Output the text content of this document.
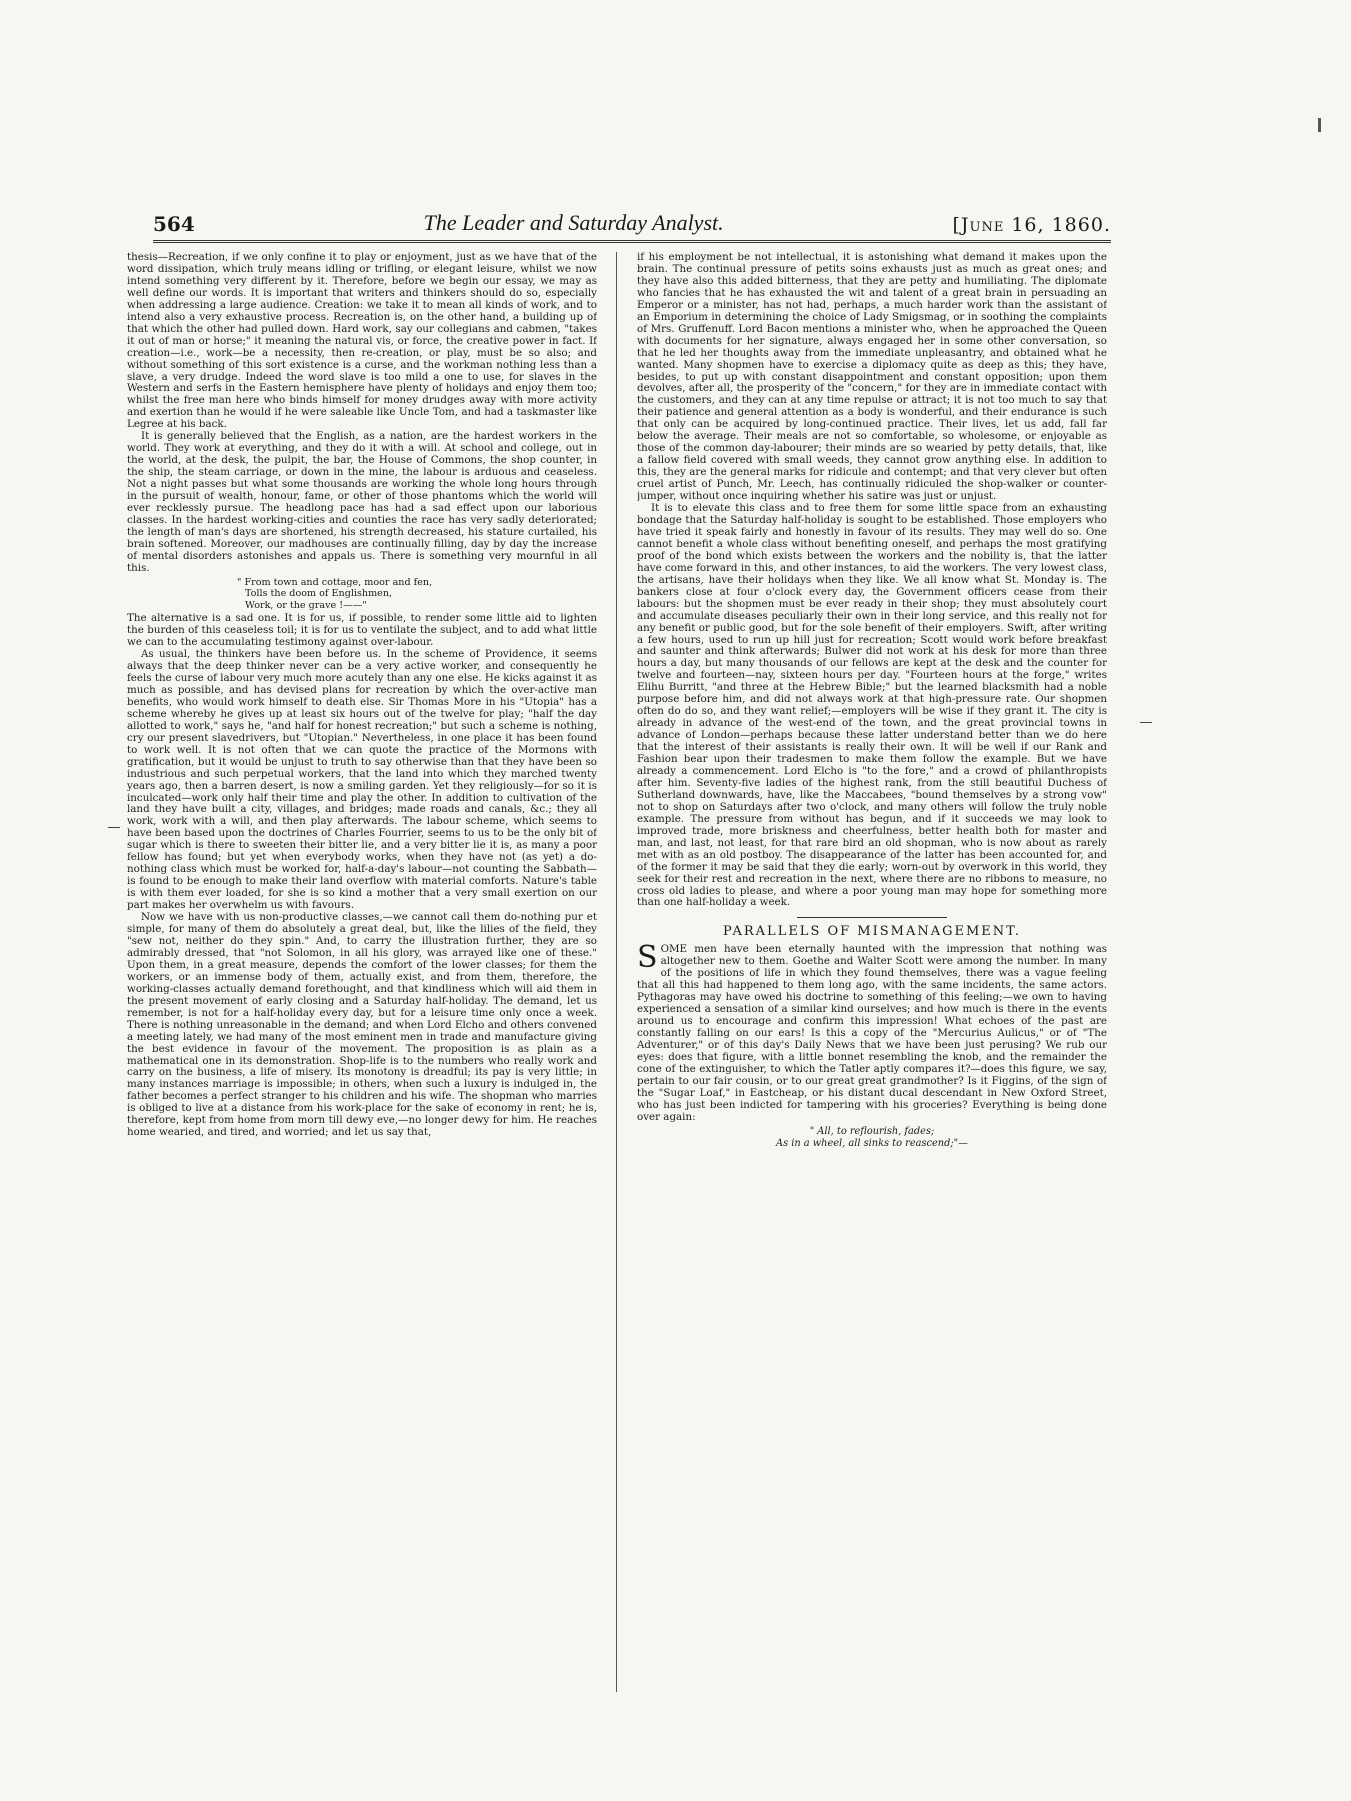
564	The Leader and Saturday Analyst.	[June 16, 1860.

thesis—Recreation, if we only confine it to play or enjoyment, just as we have that of the word dissipation, which truly means idling or trifling, or elegant leisure, whilst we now intend something very different by it. Therefore, before we begin our essay, we may as well define our words. It is important that writers and thinkers should do so, especially when addressing a large audience. Creation: we take it to mean all kinds of work, and to intend also a very exhaustive process. Recreation is, on the other hand, a building up of that which the other had pulled down. Hard work, say our collegians and cabmen, "takes it out of man or horse;" it meaning the natural vis, or force, the creative power in fact. If creation—i.e., work—be a necessity, then re-creation, or play, must be so also; and without something of this sort existence is a curse, and the workman nothing less than a slave, a very drudge. Indeed the word slave is too mild a one to use, for slaves in the Western and serfs in the Eastern hemisphere have plenty of holidays and enjoy them too; whilst the free man here who binds himself for money drudges away with more activity and exertion than he would if he were saleable like Uncle Tom, and had a taskmaster like Legree at his back.

It is generally believed that the English, as a nation, are the hardest workers in the world. They work at everything, and they do it with a will. At school and college, out in the world, at the desk, the pulpit, the bar, the House of Commons, the shop counter, in the ship, the steam carriage, or down in the mine, the labour is arduous and ceaseless. Not a night passes but what some thousands are working the whole long hours through in the pursuit of wealth, honour, fame, or other of those phantoms which the world will ever recklessly pursue. The headlong pace has had a sad effect upon our laborious classes. In the hardest working-cities and counties the race has very sadly deteriorated; the length of man's days are shortened, his strength decreased, his stature curtailed, his brain softened. Moreover, our madhouses are continually filling, day by day the increase of mental disorders astonishes and appals us. There is something very mournful in all this.

" From town and cottage, moor and fen,
Tolls the doom of Englishmen,
Work, or the grave !——"

The alternative is a sad one. It is for us, if possible, to render some little aid to lighten the burden of this ceaseless toil; it is for us to ventilate the subject, and to add what little we can to the accumulating testimony against over-labour.

As usual, the thinkers have been before us. In the scheme of Providence, it seems always that the deep thinker never can be a very active worker, and consequently he feels the curse of labour very much more acutely than any one else. He kicks against it as much as possible, and has devised plans for recreation by which the over-active man benefits, who would work himself to death else. Sir Thomas More in his "Utopia" has a scheme whereby he gives up at least six hours out of the twelve for play; "half the day allotted to work," says he, "and half for honest recreation;" but such a scheme is nothing, cry our present slavedrivers, but "Utopian." Nevertheless, in one place it has been found to work well. It is not often that we can quote the practice of the Mormons with gratification, but it would be unjust to truth to say otherwise than that they have been so industrious and such perpetual workers, that the land into which they marched twenty years ago, then a barren desert, is now a smiling garden. Yet they religiously—for so it is inculcated—work only half their time and play the other. In addition to cultivation of the land they have built a city, villages, and bridges; made roads and canals, &c.; they all work, work with a will, and then play afterwards. The labour scheme, which seems to have been based upon the doctrines of Charles Fourrier, seems to us to be the only bit of sugar which is there to sweeten their bitter lie, and a very bitter lie it is, as many a poor fellow has found; but yet when everybody works, when they have not (as yet) a do-nothing class which must be worked for, half-a-day's labour—not counting the Sabbath—is found to be enough to make their land overflow with material comforts. Nature's table is with them ever loaded, for she is so kind a mother that a very small exertion on our part makes her overwhelm us with favours.

Now we have with us non-productive classes,—we cannot call them do-nothing pur et simple, for many of them do absolutely a great deal, but, like the lilies of the field, they "sew not, neither do they spin." And, to carry the illustration further, they are so admirably dressed, that "not Solomon, in all his glory, was arrayed like one of these." Upon them, in a great measure, depends the comfort of the lower classes; for them the workers, or an immense body of them, actually exist, and from them, therefore, the working-classes actually demand forethought, and that kindliness which will aid them in the present movement of early closing and a Saturday half-holiday. The demand, let us remember, is not for a half-holiday every day, but for a leisure time only once a week. There is nothing unreasonable in the demand; and when Lord Elcho and others convened a meeting lately, we had many of the most eminent men in trade and manufacture giving the best evidence in favour of the movement. The proposition is as plain as a mathematical one in its demonstration. Shop-life is to the numbers who really work and carry on the business, a life of misery. Its monotony is dreadful; its pay is very little; in many instances marriage is impossible; in others, when such a luxury is indulged in, the father becomes a perfect stranger to his children and his wife. The shopman who marries is obliged to live at a distance from his work-place for the sake of economy in rent; he is, therefore, kept from home from morn till dewy eve,—no longer dewy for him. He reaches home wearied, and tired, and worried; and let us say that,

if his employment be not intellectual, it is astonishing what demand it makes upon the brain. The continual pressure of petits soins exhausts just as much as great ones; and they have also this added bitterness, that they are petty and humiliating. The diplomate who fancies that he has exhausted the wit and talent of a great brain in persuading an Emperor or a minister, has not had, perhaps, a much harder work than the assistant of an Emporium in determining the choice of Lady Smigsmag, or in soothing the complaints of Mrs. Gruffenuff. Lord Bacon mentions a minister who, when he approached the Queen with documents for her signature, always engaged her in some other conversation, so that he led her thoughts away from the immediate unpleasantry, and obtained what he wanted. Many shopmen have to exercise a diplomacy quite as deep as this; they have, besides, to put up with constant disappointment and constant opposition; upon them devolves, after all, the prosperity of the "concern," for they are in immediate contact with the customers, and they can at any time repulse or attract; it is not too much to say that their patience and general attention as a body is wonderful, and their endurance is such that only can be acquired by long-continued practice. Their lives, let us add, fall far below the average. Their meals are not so comfortable, so wholesome, or enjoyable as those of the common day-labourer; their minds are so wearied by petty details, that, like a fallow field covered with small weeds, they cannot grow anything else. In addition to this, they are the general marks for ridicule and contempt; and that very clever but often cruel artist of Punch, Mr. Leech, has continually ridiculed the shop-walker or counter-jumper, without once inquiring whether his satire was just or unjust.

It is to elevate this class and to free them for some little space from an exhausting bondage that the Saturday half-holiday is sought to be established. Those employers who have tried it speak fairly and honestly in favour of its results. They may well do so. One cannot benefit a whole class without benefiting oneself, and perhaps the most gratifying proof of the bond which exists between the workers and the nobility is, that the latter have come forward in this, and other instances, to aid the workers. The very lowest class, the artisans, have their holidays when they like. We all know what St. Monday is. The bankers close at four o'clock every day, the Government officers cease from their labours: but the shopmen must be ever ready in their shop; they must absolutely court and accumulate diseases peculiarly their own in their long service, and this really not for any benefit or public good, but for the sole benefit of their employers. Swift, after writing a few hours, used to run up hill just for recreation; Scott would work before breakfast and saunter and think afterwards; Bulwer did not work at his desk for more than three hours a day, but many thousands of our fellows are kept at the desk and the counter for twelve and fourteen—nay, sixteen hours per day. "Fourteen hours at the forge," writes Elihu Burritt, "and three at the Hebrew Bible;" but the learned blacksmith had a noble purpose before him, and did not always work at that high-pressure rate. Our shopmen often do do so, and they want relief;—employers will be wise if they grant it. The city is already in advance of the west-end of the town, and the great provincial towns in advance of London—perhaps because these latter understand better than we do here that the interest of their assistants is really their own. It will be well if our Rank and Fashion bear upon their tradesmen to make them follow the example. But we have already a commencement. Lord Elcho is "to the fore," and a crowd of philanthropists after him. Seventy-five ladies of the highest rank, from the still beautiful Duchess of Sutherland downwards, have, like the Maccabees, "bound themselves by a strong vow" not to shop on Saturdays after two o'clock, and many others will follow the truly noble example. The pressure from without has begun, and if it succeeds we may look to improved trade, more briskness and cheerfulness, better health both for master and man, and last, not least, for that rare bird an old shopman, who is now about as rarely met with as an old postboy. The disappearance of the latter has been accounted for, and of the former it may be said that they die early; worn-out by overwork in this world, they seek for their rest and recreation in the next, where there are no ribbons to measure, no cross old ladies to please, and where a poor young man may hope for something more than one half-holiday a week.

PARALLELS OF MISMANAGEMENT.

SOME men have been eternally haunted with the impression that nothing was altogether new to them. Goethe and Walter Scott were among the number. In many of the positions of life in which they found themselves, there was a vague feeling that all this had happened to them long ago, with the same incidents, the same actors. Pythagoras may have owed his doctrine to something of this feeling;—we own to having experienced a sensation of a similar kind ourselves; and how much is there in the events around us to encourage and confirm this impression! What echoes of the past are constantly falling on our ears! Is this a copy of the "Mercurius Aulicus," or of "The Adventurer," or of this day's Daily News that we have been just perusing? We rub our eyes: does that figure, with a little bonnet resembling the knob, and the remainder the cone of the extinguisher, to which the Tatler aptly compares it?—does this figure, we say, pertain to our fair cousin, or to our great great grandmother? Is it Figgins, of the sign of the "Sugar Loaf," in Eastcheap, or his distant ducal descendant in New Oxford Street, who has just been indicted for tampering with his groceries? Everything is being done over again:

" All, to reflourish, fades;
As in a wheel, all sinks to reascend;"—
